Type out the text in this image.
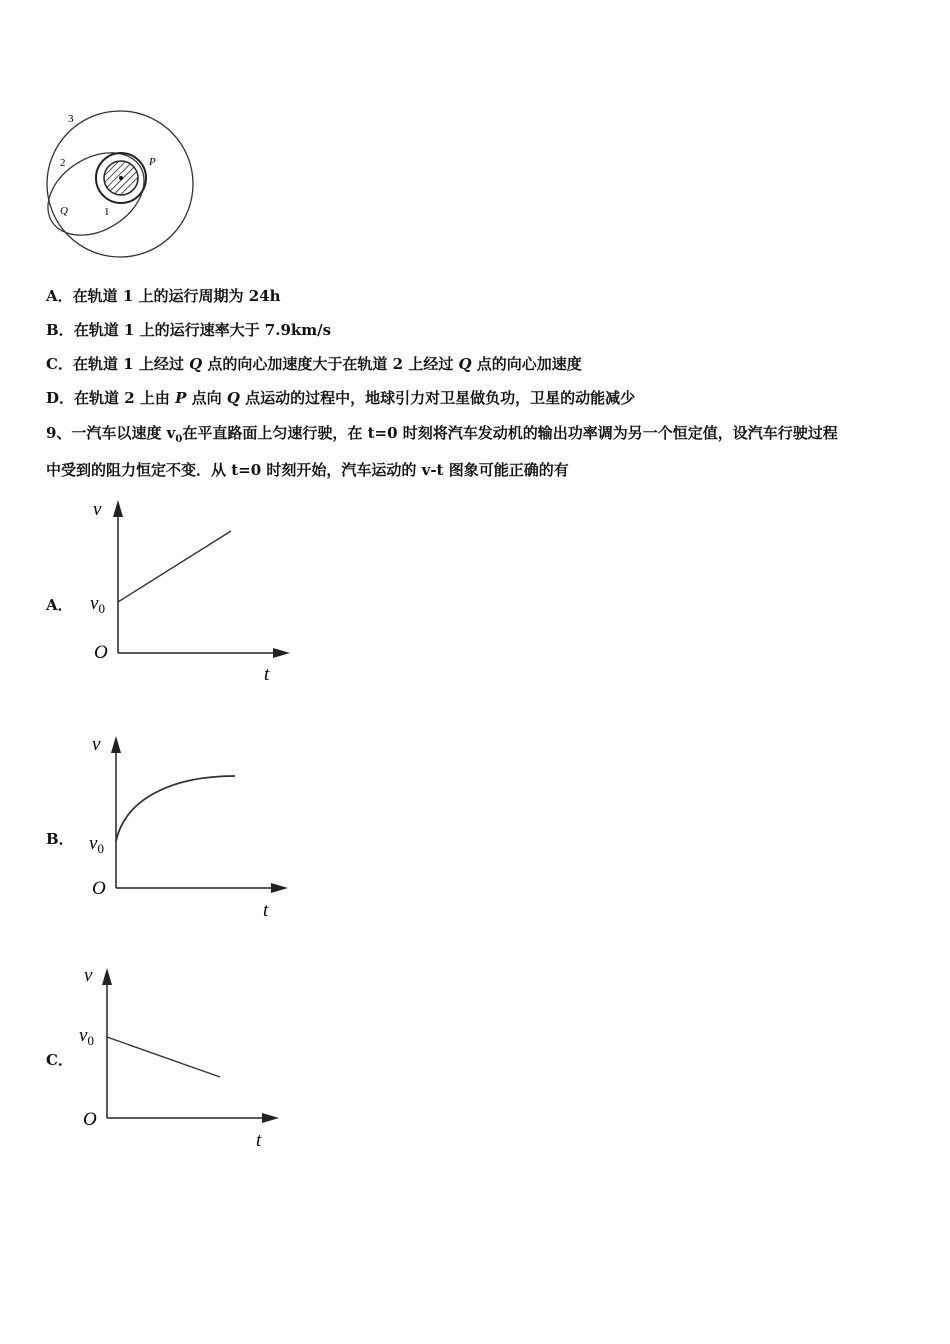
3
2
1
P
Q
A．在轨道 1 上的运行周期为 24h
B．在轨道 1 上的运行速率大于 7.9km/s
C．在轨道 1 上经过 Q 点的向心加速度大于在轨道 2 上经过 Q 点的向心加速度
D．在轨道 2 上由 P 点向 Q 点运动的过程中，地球引力对卫星做负功，卫星的动能减少
9、一汽车以速度 $v_0$在平直路面上匀速行驶，在 t=0 时刻将汽车发动机的输出功率调为另一个恒定值，设汽车行驶过程
中受到的阻力恒定不变．从 t=0 时刻开始，汽车运动的 v-t 图象可能正确的有
A．
v
$v_0$
O
t
B．
v
$v_0$
O
t
C．
v
$v_0$
O
t
